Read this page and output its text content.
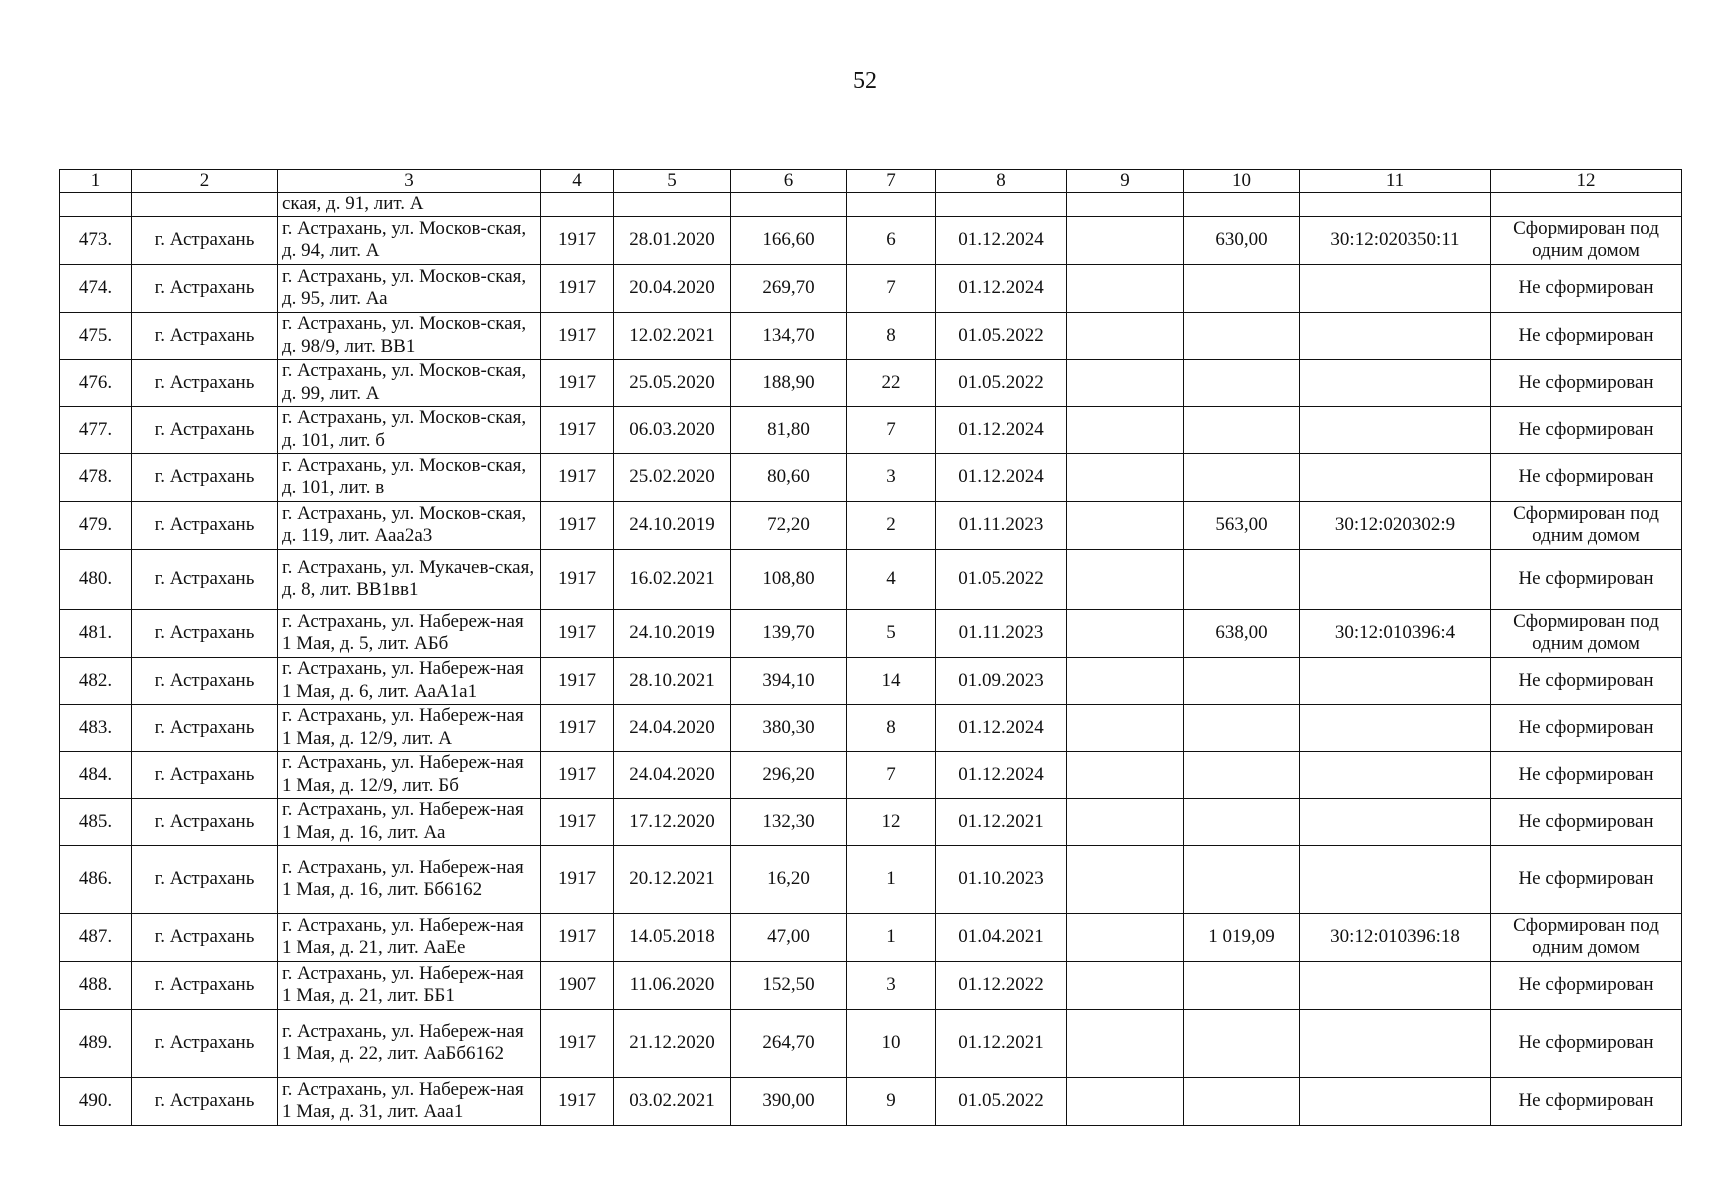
52
1	2	3	4	5	6	7	8	9	10	11	12
		ская, д. 91, лит. А									
473.	г. Астрахань	г. Астрахань, ул. Москов-ская, д. 94, лит. А	1917	28.01.2020	166,60	6	01.12.2024		630,00	30:12:020350:11	Сформирован под одним домом
474.	г. Астрахань	г. Астрахань, ул. Москов-ская, д. 95, лит. Аа	1917	20.04.2020	269,70	7	01.12.2024				Не сформирован
475.	г. Астрахань	г. Астрахань, ул. Москов-ская, д. 98/9, лит. ВВ1	1917	12.02.2021	134,70	8	01.05.2022				Не сформирован
476.	г. Астрахань	г. Астрахань, ул. Москов-ская, д. 99, лит. А	1917	25.05.2020	188,90	22	01.05.2022				Не сформирован
477.	г. Астрахань	г. Астрахань, ул. Москов-ская, д. 101, лит. б	1917	06.03.2020	81,80	7	01.12.2024				Не сформирован
478.	г. Астрахань	г. Астрахань, ул. Москов-ская, д. 101, лит. в	1917	25.02.2020	80,60	3	01.12.2024				Не сформирован
479.	г. Астрахань	г. Астрахань, ул. Москов-ская, д. 119, лит. Ааа2а3	1917	24.10.2019	72,20	2	01.11.2023		563,00	30:12:020302:9	Сформирован под одним домом
480.	г. Астрахань	г. Астрахань, ул. Мукачев-ская, д. 8, лит. ВВ1вв1	1917	16.02.2021	108,80	4	01.05.2022				Не сформирован
481.	г. Астрахань	г. Астрахань, ул. Набереж-ная 1 Мая, д. 5, лит. АБб	1917	24.10.2019	139,70	5	01.11.2023		638,00	30:12:010396:4	Сформирован под одним домом
482.	г. Астрахань	г. Астрахань, ул. Набереж-ная 1 Мая, д. 6, лит. АаА1а1	1917	28.10.2021	394,10	14	01.09.2023				Не сформирован
483.	г. Астрахань	г. Астрахань, ул. Набереж-ная 1 Мая, д. 12/9, лит. А	1917	24.04.2020	380,30	8	01.12.2024				Не сформирован
484.	г. Астрахань	г. Астрахань, ул. Набереж-ная 1 Мая, д. 12/9, лит. Бб	1917	24.04.2020	296,20	7	01.12.2024				Не сформирован
485.	г. Астрахань	г. Астрахань, ул. Набереж-ная 1 Мая, д. 16, лит. Аа	1917	17.12.2020	132,30	12	01.12.2021				Не сформирован
486.	г. Астрахань	г. Астрахань, ул. Набереж-ная 1 Мая, д. 16, лит. Бб6162	1917	20.12.2021	16,20	1	01.10.2023				Не сформирован
487.	г. Астрахань	г. Астрахань, ул. Набереж-ная 1 Мая, д. 21, лит. АаЕе	1917	14.05.2018	47,00	1	01.04.2021		1 019,09	30:12:010396:18	Сформирован под одним домом
488.	г. Астрахань	г. Астрахань, ул. Набереж-ная 1 Мая, д. 21, лит. ББ1	1907	11.06.2020	152,50	3	01.12.2022				Не сформирован
489.	г. Астрахань	г. Астрахань, ул. Набереж-ная 1 Мая, д. 22, лит. АаБб6162	1917	21.12.2020	264,70	10	01.12.2021				Не сформирован
490.	г. Астрахань	г. Астрахань, ул. Набереж-ная 1 Мая, д. 31, лит. Ааа1	1917	03.02.2021	390,00	9	01.05.2022				Не сформирован
